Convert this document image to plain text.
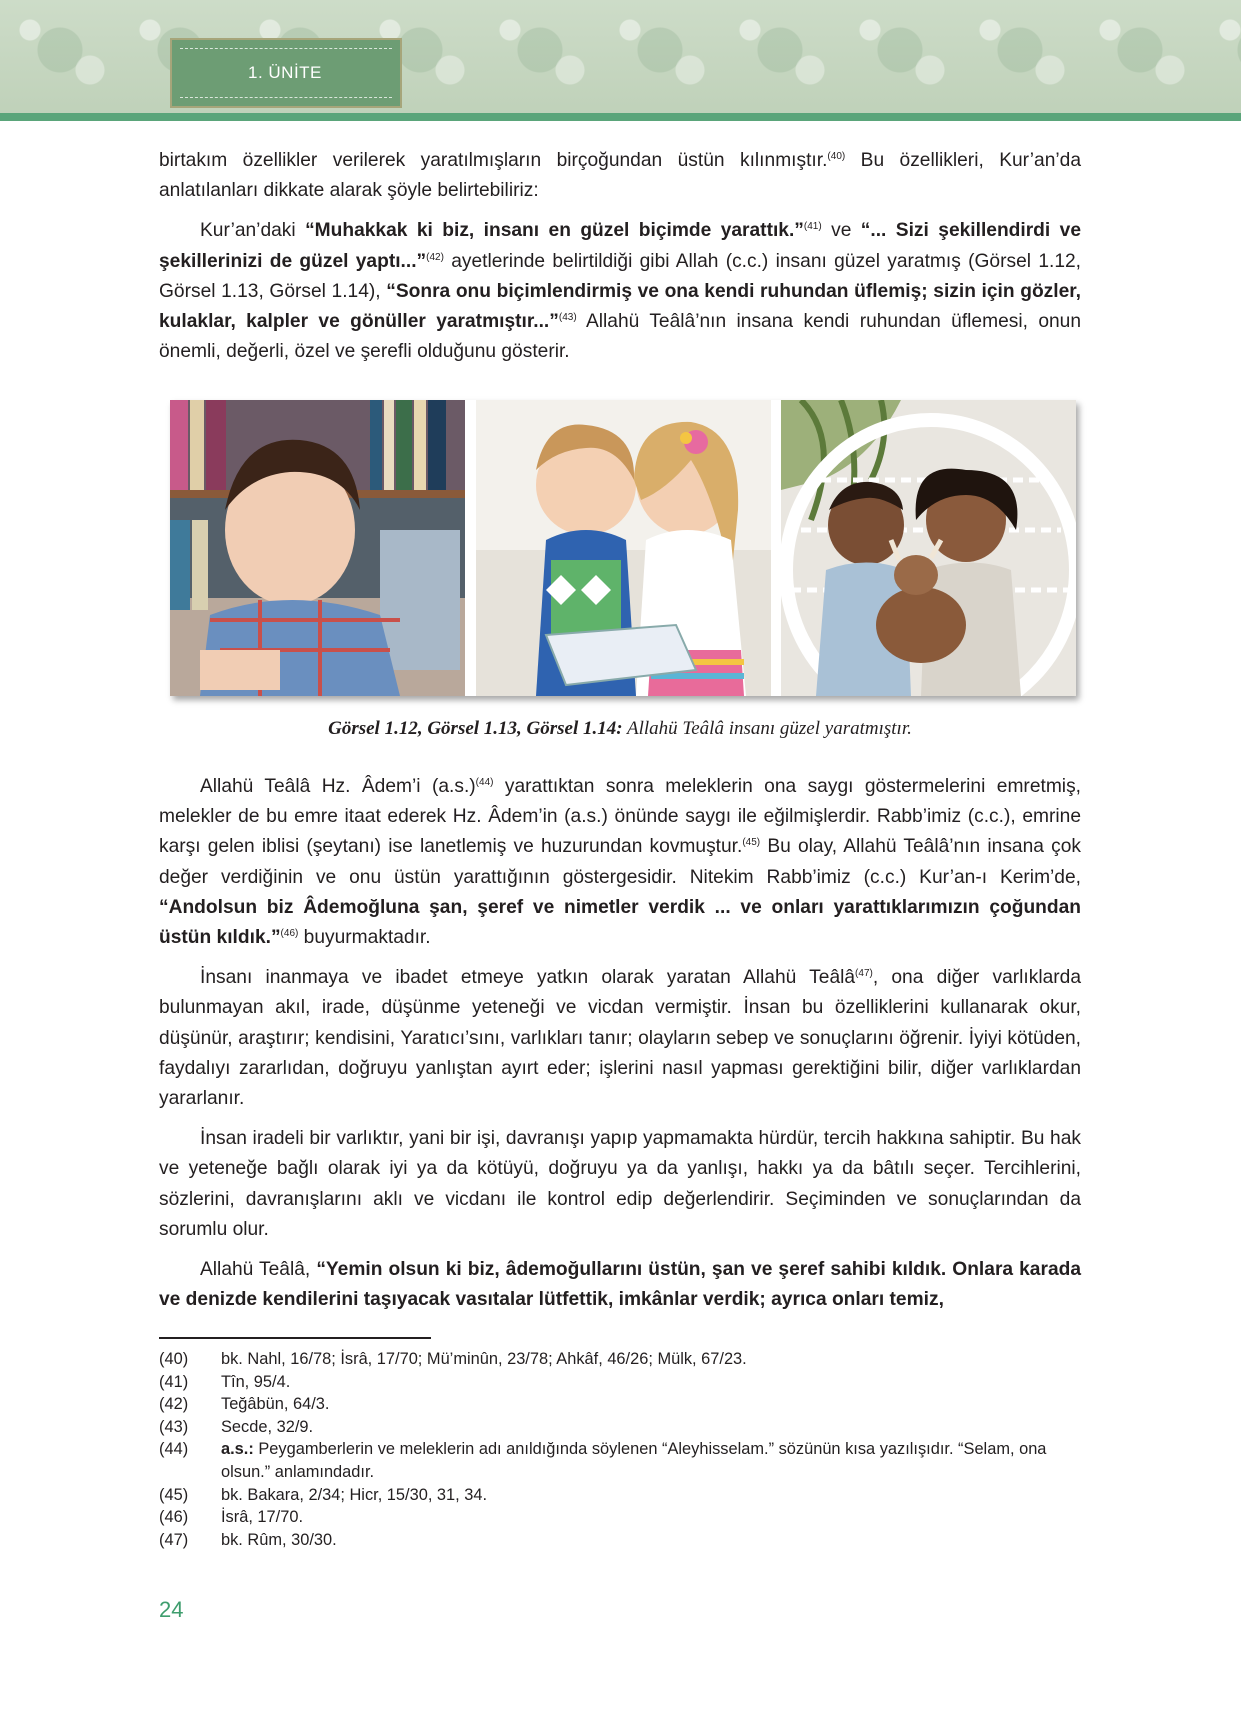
1. ÜNİTE

birtakım özellikler verilerek yaratılmışların birçoğundan üstün kılınmıştır.$^{(40)}$ Bu özellikleri, Kur’an’da anlatılanları dikkate alarak şöyle belirtebiliriz:

Kur’an’daki “Muhakkak ki biz, insanı en güzel biçimde yarattık.”$^{(41)}$ ve “... Sizi şekillendirdi ve şekillerinizi de güzel yaptı...”$^{(42)}$ ayetlerinde belirtildiği gibi Allah (c.c.) insanı güzel yaratmış (Görsel 1.12, Görsel 1.13, Görsel 1.14), “Sonra onu biçimlendirmiş ve ona kendi ruhundan üflemiş; sizin için gözler, kulaklar, kalpler ve gönüller yaratmıştır...”$^{(43)}$ Allahü Teâlâ’nın insana kendi ruhundan üflemesi, onun önemli, değerli, özel ve şerefli olduğunu gösterir.

Görsel 1.12, Görsel 1.13, Görsel 1.14: Allahü Teâlâ insanı güzel yaratmıştır.

Allahü Teâlâ Hz. Âdem’i $(a.s.)^{(44)}$ yarattıktan sonra meleklerin ona saygı göstermelerini emretmiş, melekler de bu emre itaat ederek Hz. Âdem’in (a.s.) önünde saygı ile eğilmişlerdir. Rabb’imiz (c.c.), emrine karşı gelen iblisi (şeytanı) ise lanetlemiş ve huzurundan kovmuştur.$^{(45)}$ Bu olay, Allahü Teâlâ’nın insana çok değer verdiğinin ve onu üstün yarattığının göstergesidir. Nitekim Rabb’imiz (c.c.) Kur’an-ı Kerim’de, “Andolsun biz Âdemoğluna şan, şeref ve nimetler verdik ... ve onları yarattıklarımızın çoğundan üstün kıldık.”$^{(46)}$ buyurmaktadır.

İnsanı inanmaya ve ibadet etmeye yatkın olarak yaratan Allahü Teâlâ$^{(47)}$, ona diğer varlıklarda bulunmayan akıl, irade, düşünme yeteneği ve vicdan vermiştir. İnsan bu özelliklerini kullanarak okur, düşünür, araştırır; kendisini, Yaratıcı’sını, varlıkları tanır; olayların sebep ve sonuçlarını öğrenir. İyiyi kötüden, faydalıyı zararlıdan, doğruyu yanlıştan ayırt eder; işlerini nasıl yapması gerektiğini bilir, diğer varlıklardan yararlanır.

İnsan iradeli bir varlıktır, yani bir işi, davranışı yapıp yapmamakta hürdür, tercih hakkına sahiptir. Bu hak ve yeteneğe bağlı olarak iyi ya da kötüyü, doğruyu ya da yanlışı, hakkı ya da bâtılı seçer. Tercihlerini, sözlerini, davranışlarını aklı ve vicdanı ile kontrol edip değerlendirir. Seçiminden ve sonuçlarından da sorumlu olur.

Allahü Teâlâ, “Yemin olsun ki biz, âdemoğullarını üstün, şan ve şeref sahibi kıldık. Onlara karada ve denizde kendilerini taşıyacak vasıtalar lütfettik, imkânlar verdik; ayrıca onları temiz,

(40)	bk. Nahl, 16/78; İsrâ, 17/70; Mü’minûn, 23/78; Ahkâf, 46/26; Mülk, 67/23.
(41)	Tîn, 95/4.
(42)	Teğâbün, 64/3.
(43)	Secde, 32/9.
(44)	a.s.: Peygamberlerin ve meleklerin adı anıldığında söylenen “Aleyhisselam.” sözünün kısa yazılışıdır. “Selam, ona olsun.” anlamındadır.
(45)	bk. Bakara, 2/34; Hicr, 15/30, 31, 34.
(46)	İsrâ, 17/70.
(47)	bk. Rûm, 30/30.
24
